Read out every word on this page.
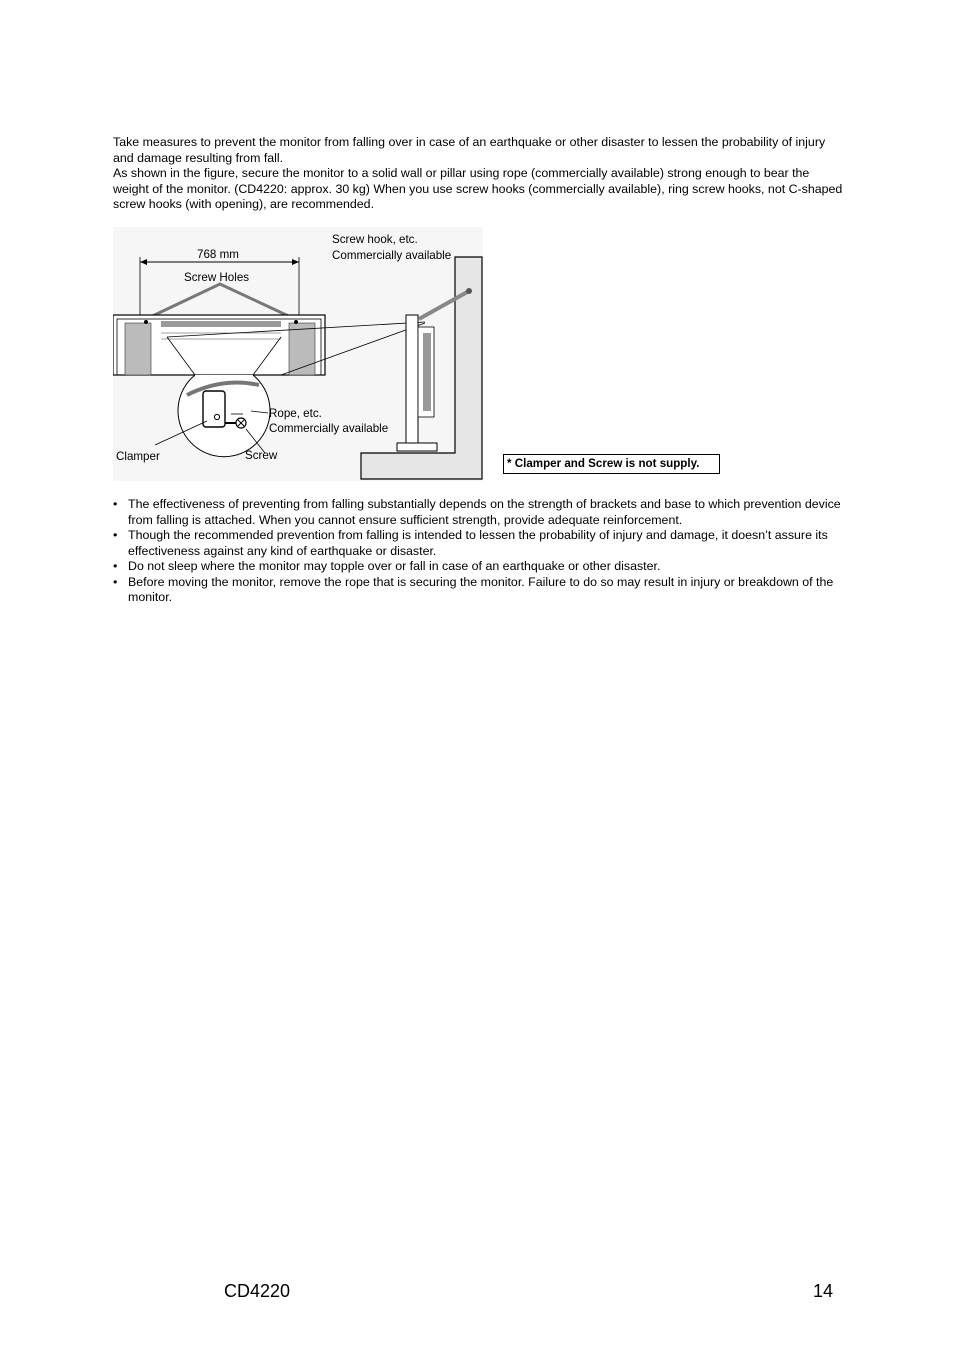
Take measures to prevent the monitor from falling over in case of an earthquake or other disaster to lessen the probability of injury and damage resulting from fall.

As shown in the figure, secure the monitor to a solid wall or pillar using rope (commercially available) strong enough to bear the weight of the monitor. (CD4220: approx. 30 kg) When you use screw hooks (commercially available), ring screw hooks, not C-shaped screw hooks (with opening), are recommended.

768 mm
Screw Holes
Screw hook, etc.
Commercially available
Rope, etc.
Commercially available
Clamper	Screw
* Clamper and Screw is not supply.
• The effectiveness of preventing from falling substantially depends on the strength of brackets and base to which prevention device from falling is attached. When you cannot ensure sufficient strength, provide adequate reinforcement.
• Though the recommended prevention from falling is intended to lessen the probability of injury and damage, it doesn’t assure its effectiveness against any kind of earthquake or disaster.
• Do not sleep where the monitor may topple over or fall in case of an earthquake or other disaster.
• Before moving the monitor, remove the rope that is securing the monitor. Failure to do so may result in injury or breakdown of the monitor.
CD4220	14
